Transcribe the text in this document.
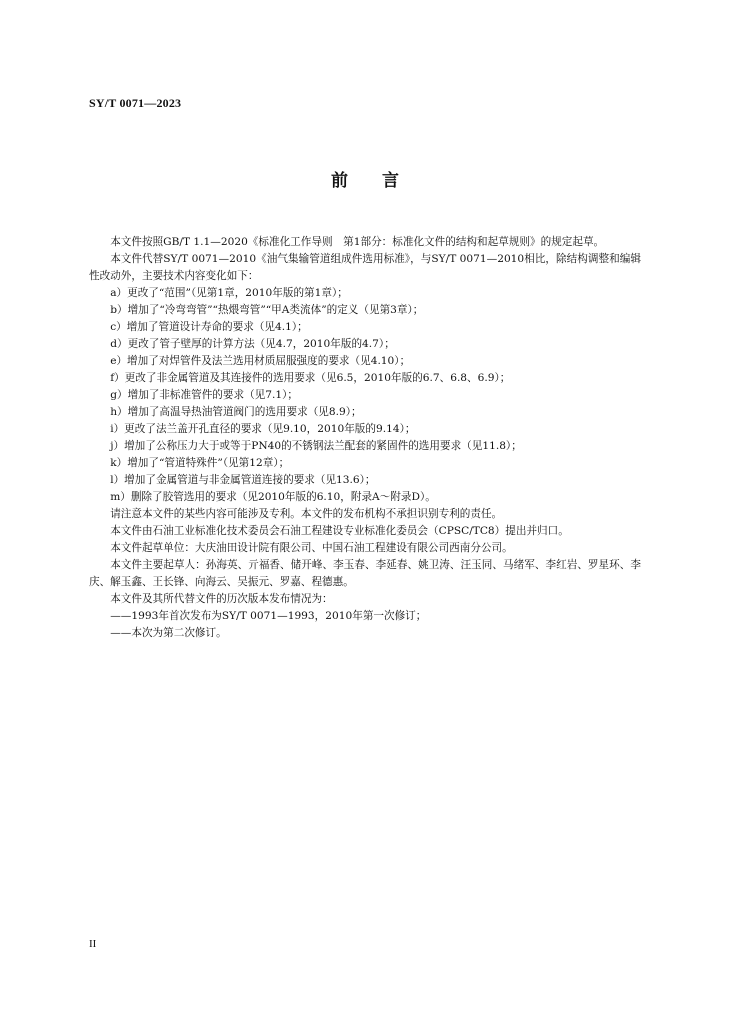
SY/T 0071—2023
前言

本文件按照GB/T 1.1—2020《标准化工作导则　第1部分：标准化文件的结构和起草规则》的规定起草。

本文件代替SY/T 0071—2010《油气集输管道组成件选用标准》，与SY/T 0071—2010相比，除结构调整和编辑性改动外，主要技术内容变化如下：

a）更改了“范围”（见第1章，2010年版的第1章）；

b）增加了“冷弯弯管”“热煨弯管”“甲A类流体”的定义（见第3章）；

c）增加了管道设计寿命的要求（见4.1）；

d）更改了管子壁厚的计算方法（见4.7，2010年版的4.7）；

e）增加了对焊管件及法兰选用材质屈服强度的要求（见4.10）；

f）更改了非金属管道及其连接件的选用要求（见6.5，2010年版的6.7、6.8、6.9）；

g）增加了非标准管件的要求（见7.1）；

h）增加了高温导热油管道阀门的选用要求（见8.9）；

i）更改了法兰盖开孔直径的要求（见9.10，2010年版的9.14）；

j）增加了公称压力大于或等于PN40的不锈钢法兰配套的紧固件的选用要求（见11.8）；

k）增加了“管道特殊件”（见第12章）；

l）增加了金属管道与非金属管道连接的要求（见13.6）；

m）删除了胶管选用的要求（见2010年版的6.10，附录A～附录D）。

请注意本文件的某些内容可能涉及专利。本文件的发布机构不承担识别专利的责任。

本文件由石油工业标准化技术委员会石油工程建设专业标准化委员会（CPSC/TC8）提出并归口。

本文件起草单位：大庆油田设计院有限公司、中国石油工程建设有限公司西南分公司。

本文件主要起草人：孙海英、亓福香、储开峰、李玉春、李延春、姚卫涛、汪玉同、马绪军、李红岩、罗星环、李庆、解玉鑫、王长锋、向海云、吴振元、罗嘉、程德惠。

本文件及其所代替文件的历次版本发布情况为：

——1993年首次发布为SY/T 0071—1993，2010年第一次修订；

——本次为第二次修订。

II
